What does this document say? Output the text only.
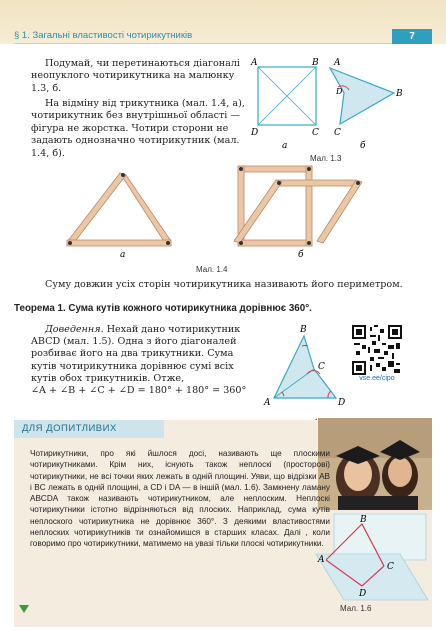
§ 1. Загальні властивості чотирикутників	7
Подумай, чи перетинаються діагоналі неопуклого чотирикутника на малюнку 1.3, б.
На відміну від трикутника (мал. 1.4, а), чотирикутник без внутрішньої області — фігура не жорстка. Чотири сторони не задають однозначно чотирикутник (мал. 1.4, б).
A	B
D	C
а
A
B
C
D
б
Мал. 1.3
а	б
Мал. 1.4
Суму довжин усіх сторін чотирикутника називають його периметром.
Теорема 1. Сума кутів кожного чотирикутника дорівнює 360°.
Доведення. Нехай дано чотирикутник ABCD (мал. 1.5). Одна з його діагоналей розбиває його на два трикутники. Сума кутів чотирикутника дорівнює сумі всіх кутів обох трикутників. Отже,
∠A + ∠B + ∠C + ∠D = 180° + 180° = 360°
B
A
C
D
vse.ee/cipo
ДЛЯ ДОПИТЛИВИХ
Чотирикутники, про які йшлося досі, називають ще плоскими чотирикутниками. Крім них, існують також неплоскі (просторові) чотирикутники, не всі точки яких лежать в одній площині. Уяви, що відрізки AB і BC лежать в одній площині, а CD і DA — в іншій (мал. 1.6). Замкнену ламану ABCDA також називають чотирикутником, але неплоским. Неплоскі чотирикутники істотно відрізняються від плоских. Наприклад, сума кутів неплоского чотирикутника не дорівнює 360°. З деякими властивостями неплоских чотирикутників ти ознайомишся в старших класах. Далі , коли говоримо про чотирикутники, матимемо на увазі тільки плоскі чотирикутники.
A
B
C
D
Мал. 1.6
